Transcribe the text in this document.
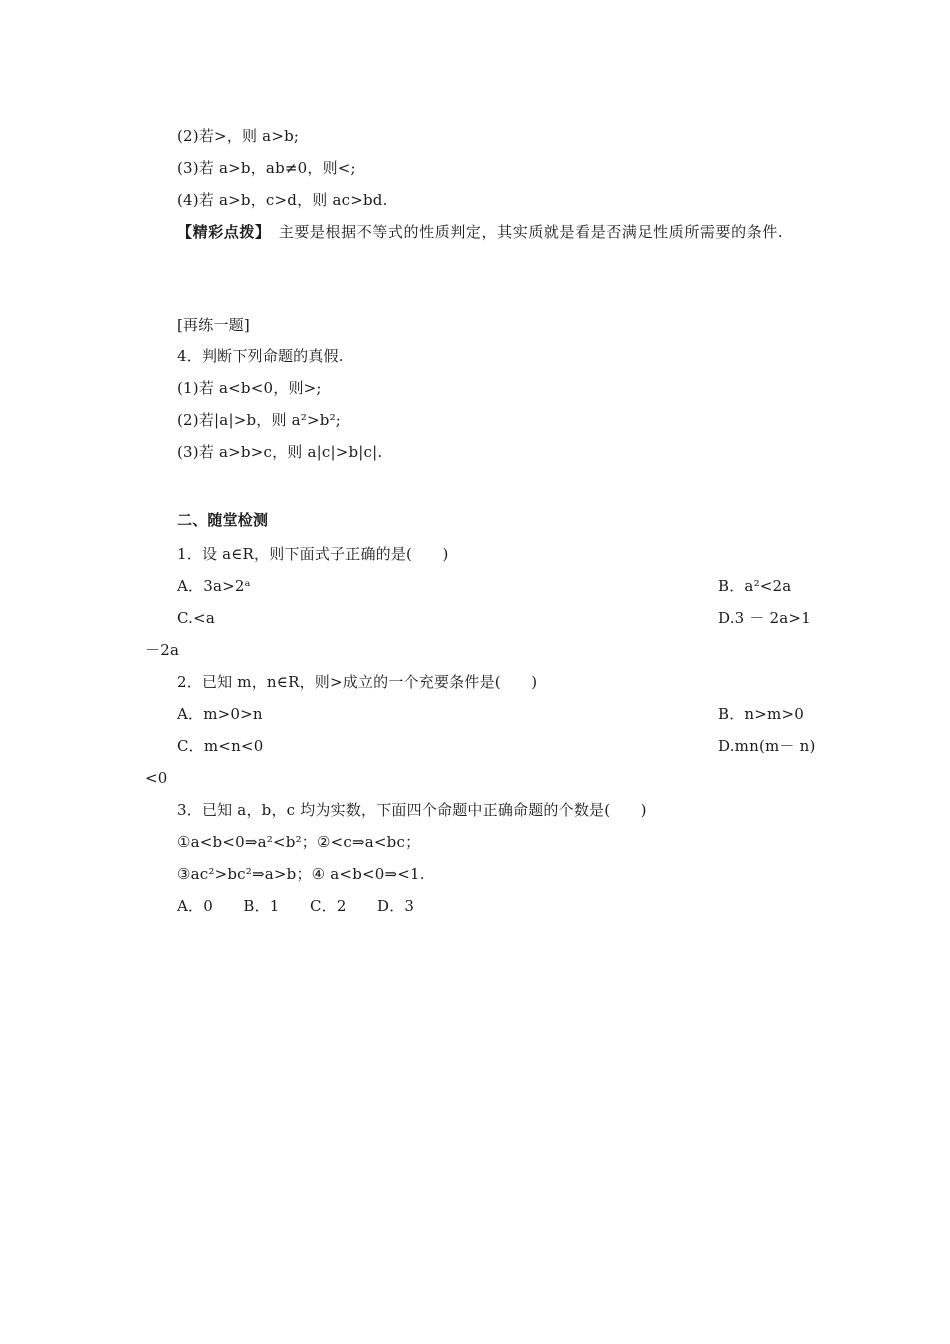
(2)若>，则 a>b;
(3)若 a>b，ab≠0，则<;
(4)若 a>b，c>d，则 ac>bd.
【精彩点拨】　 主要是根据不等式的性质判定，其实质就是看是否满足性质所需要的条件.
[再练一题]
4．判断下列命题的真假.
(1)若 a<b<0，则>;
(2)若|a|>b，则 a²>b²;
(3)若 a>b>c，则 a|c|>b|c|.
二、随堂检测
1．设 a∈R，则下面式子正确的是(　　)
A．3a>2ᵃ	B．a²<2a
C.<a	D.3 － 2a>1
－2a
2．已知 m，n∈R，则>成立的一个充要条件是(　　)
A．m>0>n	B．n>m>0
C．m<n<0	D.mn(m－ n)
<0
3．已知 a，b，c 均为实数，下面四个命题中正确命题的个数是(　　)
①a<b<0⇒a²<b²；②<c⇒a<bc；
③ac²>bc²⇒a>b；④ a<b<0⇒<1.
A．0　　B．1　　C．2　　D．3
